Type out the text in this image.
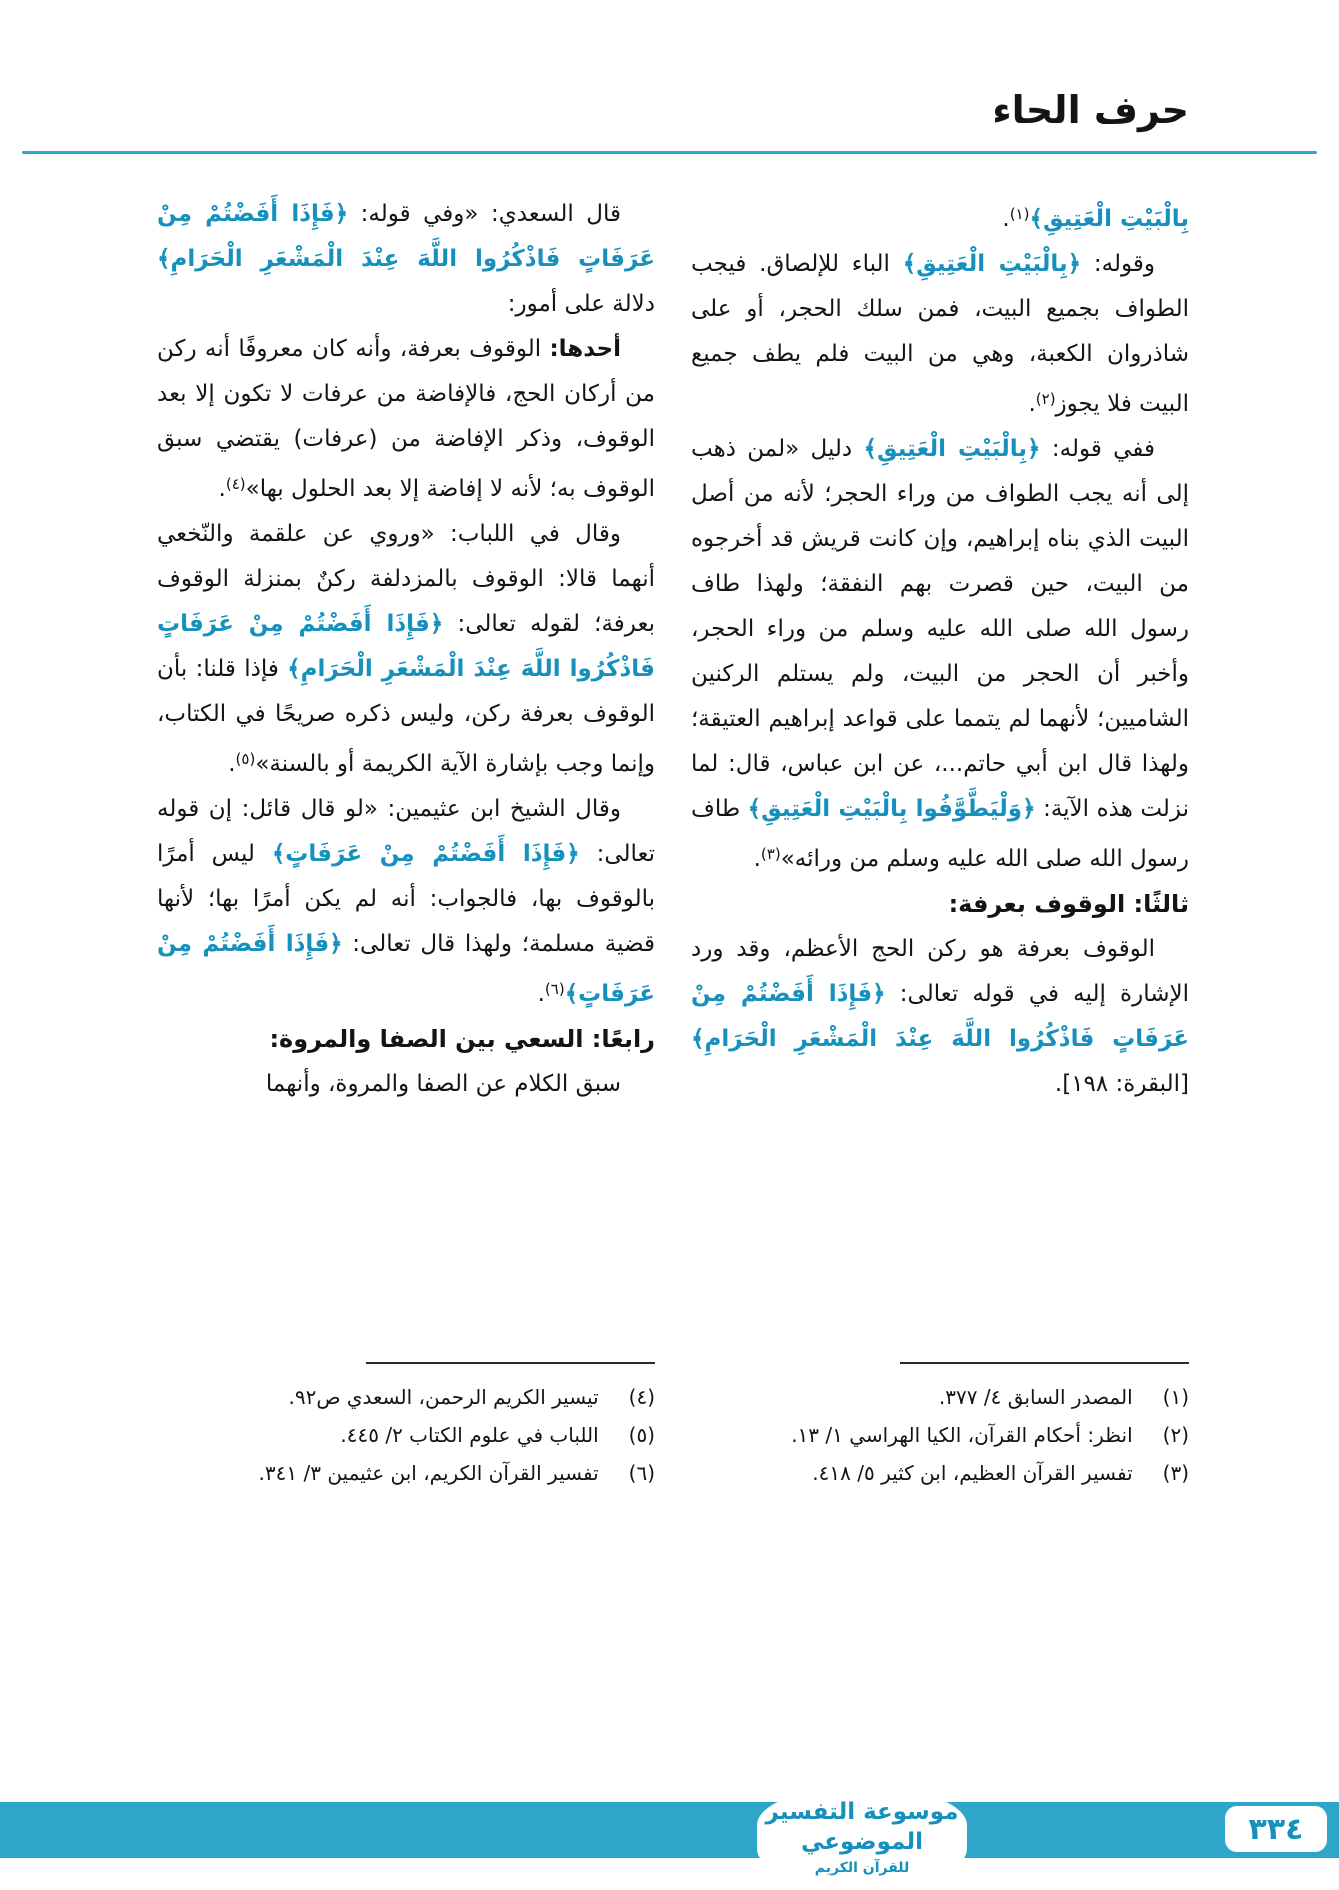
حرف الحاء

بِالْبَيْتِ الْعَتِيقِ﴾$^{(١)}$.

وقوله: ﴿بِالْبَيْتِ الْعَتِيقِ﴾ الباء للإلصاق. فيجب الطواف بجميع البيت، فمن سلك الحجر، أو على شاذروان الكعبة، وهي من البيت فلم يطف جميع البيت فلا يجوز$^{(٢)}$.

ففي قوله: ﴿بِالْبَيْتِ الْعَتِيقِ﴾ دليل «لمن ذهب إلى أنه يجب الطواف من وراء الحجر؛ لأنه من أصل البيت الذي بناه إبراهيم، وإن كانت قريش قد أخرجوه من البيت، حين قصرت بهم النفقة؛ ولهذا طاف رسول الله صلى الله عليه وسلم من وراء الحجر، وأخبر أن الحجر من البيت، ولم يستلم الركنين الشاميين؛ لأنهما لم يتمما على قواعد إبراهيم العتيقة؛ ولهذا قال ابن أبي حاتم...، عن ابن عباس، قال: لما نزلت هذه الآية: ﴿وَلْيَطَّوَّفُوا بِالْبَيْتِ الْعَتِيقِ﴾ طاف رسول الله صلى الله عليه وسلم من ورائه»$^{(٣)}$.

ثالثًا: الوقوف بعرفة:

الوقوف بعرفة هو ركن الحج الأعظم، وقد ورد الإشارة إليه في قوله تعالى: ﴿فَإِذَا أَفَضْتُمْ مِنْ عَرَفَاتٍ فَاذْكُرُوا اللَّهَ عِنْدَ الْمَشْعَرِ الْحَرَامِ﴾ [البقرة: ١٩٨].

(١) المصدر السابق ٤/ ٣٧٧.
(٢) انظر: أحكام القرآن، الكيا الهراسي ١/ ١٣.
(٣) تفسير القرآن العظيم، ابن كثير ٥/ ٤١٨.

قال السعدي: «وفي قوله: ﴿فَإِذَا أَفَضْتُمْ مِنْ عَرَفَاتٍ فَاذْكُرُوا اللَّهَ عِنْدَ الْمَشْعَرِ الْحَرَامِ﴾ دلالة على أمور:

أحدها: الوقوف بعرفة، وأنه كان معروفًا أنه ركن من أركان الحج، فالإفاضة من عرفات لا تكون إلا بعد الوقوف، وذكر الإفاضة من (عرفات) يقتضي سبق الوقوف به؛ لأنه لا إفاضة إلا بعد الحلول بها»$^{(٤)}$.

وقال في اللباب: «وروي عن علقمة والنّخعي أنهما قالا: الوقوف بالمزدلفة ركنٌ بمنزلة الوقوف بعرفة؛ لقوله تعالى: ﴿فَإِذَا أَفَضْتُمْ مِنْ عَرَفَاتٍ فَاذْكُرُوا اللَّهَ عِنْدَ الْمَشْعَرِ الْحَرَامِ﴾ فإذا قلنا: بأن الوقوف بعرفة ركن، وليس ذكره صريحًا في الكتاب، وإنما وجب بإشارة الآية الكريمة أو بالسنة»$^{(٥)}$.

وقال الشيخ ابن عثيمين: «لو قال قائل: إن قوله تعالى: ﴿فَإِذَا أَفَضْتُمْ مِنْ عَرَفَاتٍ﴾ ليس أمرًا بالوقوف بها، فالجواب: أنه لم يكن أمرًا بها؛ لأنها قضية مسلمة؛ ولهذا قال تعالى: ﴿فَإِذَا أَفَضْتُمْ مِنْ عَرَفَاتٍ﴾$^{(٦)}$.

رابعًا: السعي بين الصفا والمروة:

سبق الكلام عن الصفا والمروة، وأنهما

(٤) تيسير الكريم الرحمن، السعدي ص٩٢.
(٥) اللباب في علوم الكتاب ٢/ ٤٤٥.
(٦) تفسير القرآن الكريم، ابن عثيمين ٣/ ٣٤١.
موسوعة التفسير الموضوعي
للقرآن الكريم
٣٣٤
